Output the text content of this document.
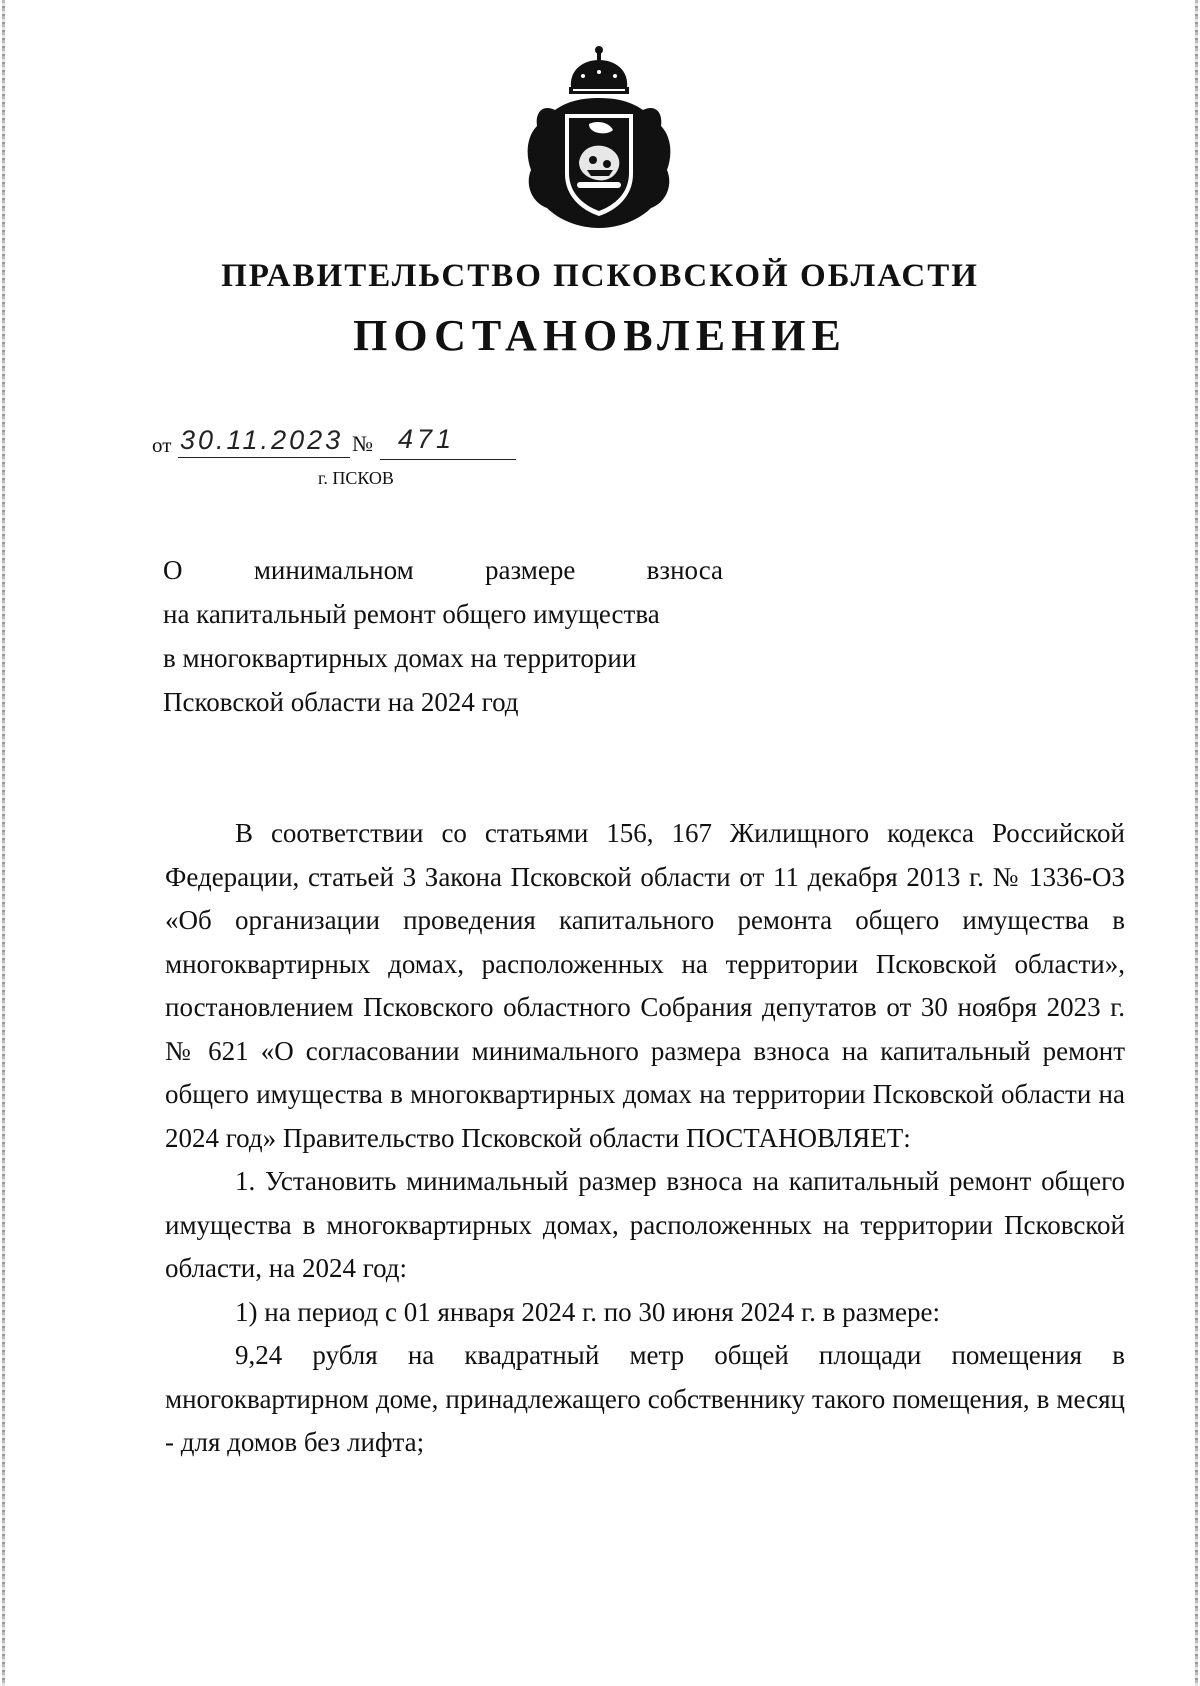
ПРАВИТЕЛЬСТВО ПСКОВСКОЙ ОБЛАСТИ
ПОСТАНОВЛЕНИЕ
от 30.11.2023 № 471
г. ПСКОВ
О минимальном размере взноса
на капитальный ремонт общего имущества
в многоквартирных домах на территории
Псковской области на 2024 год

В соответствии со статьями 156, 167 Жилищного кодекса Российской Федерации, статьей 3 Закона Псковской области от 11 декабря 2013 г. № 1336-ОЗ «Об организации проведения капитального ремонта общего имущества в многоквартирных домах, расположенных на территории Псковской области», постановлением Псковского областного Собрания депутатов от 30 ноября 2023 г. № 621 «О согласовании минимального размера взноса на капитальный ремонт общего имущества в многоквартирных домах на территории Псковской области на 2024 год» Правительство Псковской области ПОСТАНОВЛЯЕТ:

1. Установить минимальный размер взноса на капитальный ремонт общего имущества в многоквартирных домах, расположенных на территории Псковской области, на 2024 год:

1) на период с 01 января 2024 г. по 30 июня 2024 г. в размере:

9,24 рубля на квадратный метр общей площади помещения в многоквартирном доме, принадлежащего собственнику такого помещения, в месяц - для домов без лифта;
